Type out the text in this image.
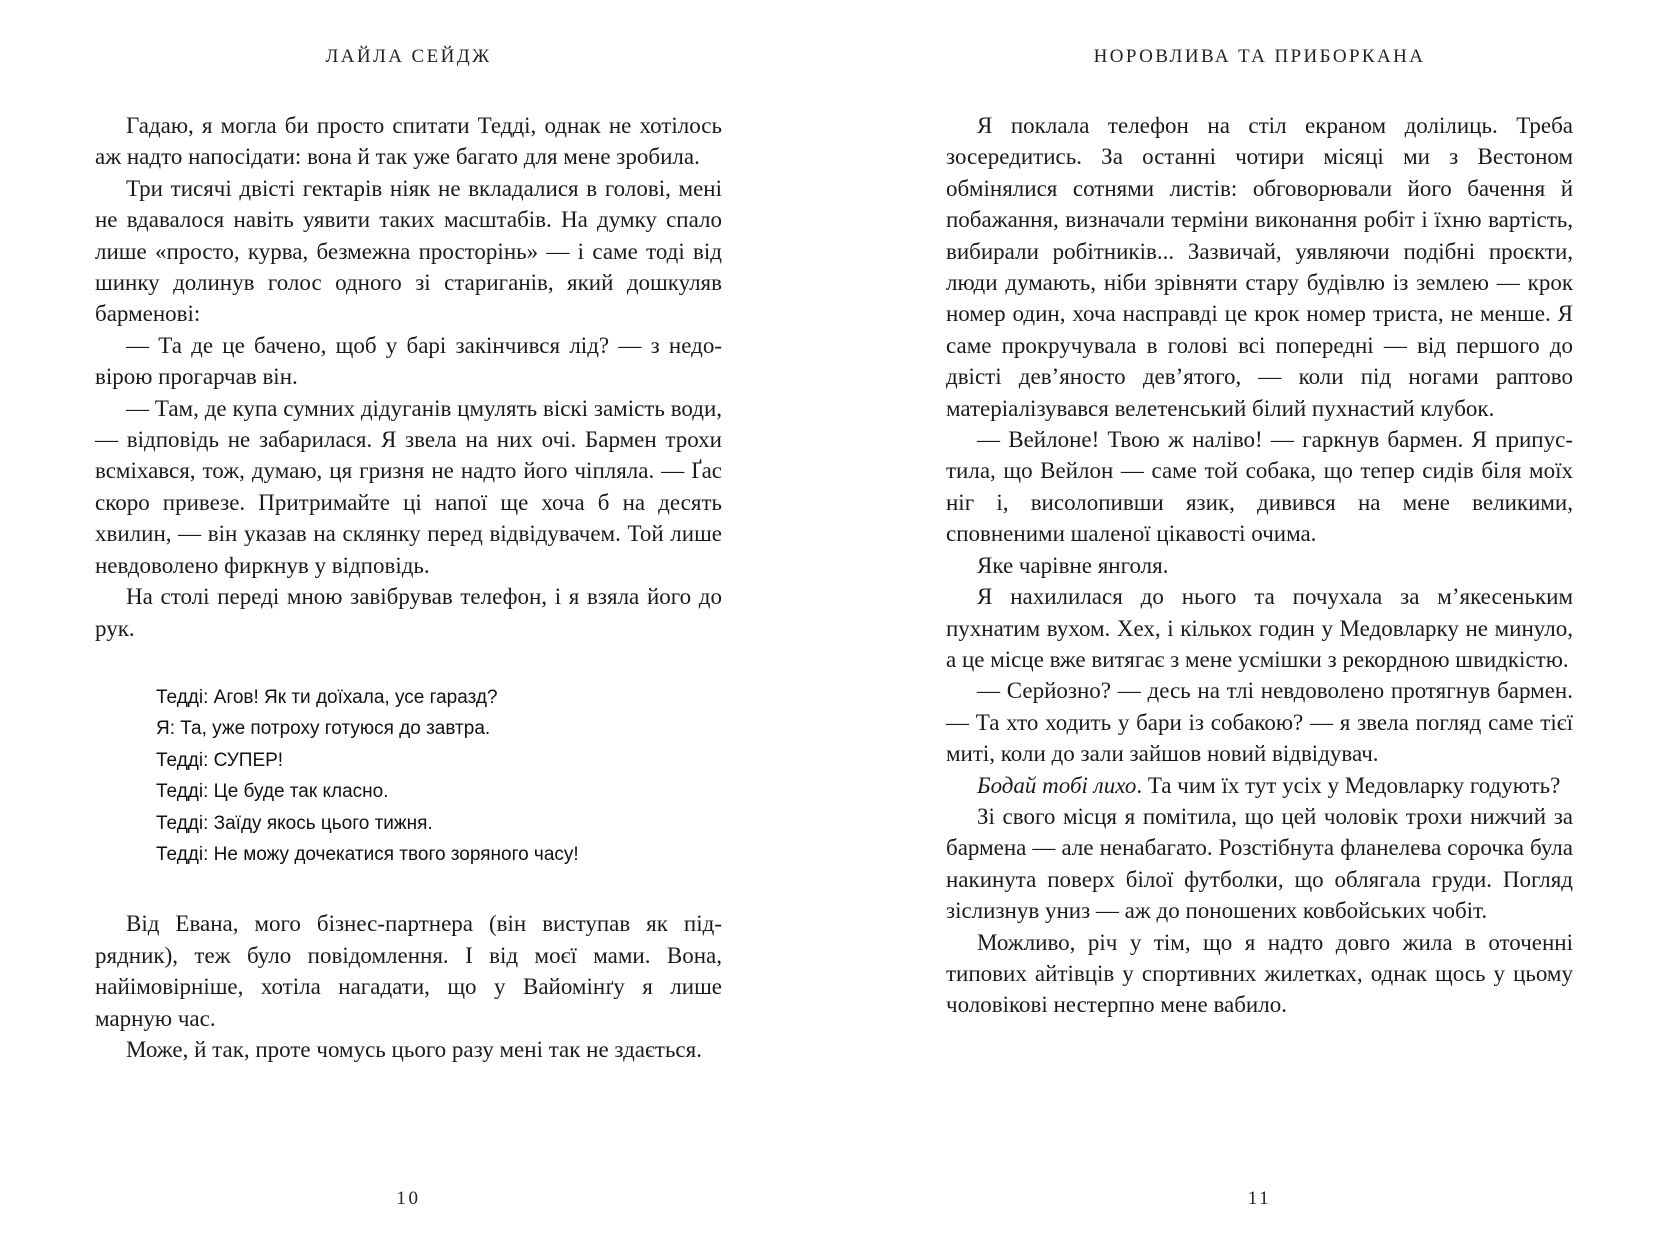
ЛАЙЛА СЕЙДЖ

Гадаю, я могла би просто спитати Тедді, однак не хотілось аж надто напосідати: вона й так уже багато для мене зробила.

Три тисячі двісті гектарів ніяк не вкладалися в голові, мені не вдавалося навіть уявити таких масштабів. На думку спало лише «просто, курва, безмежна просторінь» — і саме тоді від шинку долинув голос одного зі стариганів, який дошкуляв барменові:

— Та де це бачено, щоб у барі закінчився лід? — з недовірою прогарчав він.

— Там, де купа сумних дідуганів цмулять віскі замість води, — відповідь не забарилася. Я звела на них очі. Бармен трохи всміхався, тож, думаю, ця гризня не надто його чіпляла. — Ґас скоро привезе. Притримайте ці напої ще хоча б на десять хвилин, — він указав на склянку перед відвідувачем. Той лише невдоволено фиркнув у відповідь.

На столі переді мною завібрував телефон, і я взяла його до рук.

Тедді: Агов! Як ти доїхала, усе гаразд?
Я: Та, уже потроху готуюся до завтра.
Тедді: СУПЕР!
Тедді: Це буде так класно.
Тедді: Заїду якось цього тижня.
Тедді: Не можу дочекатися твого зоряного часу!

Від Евана, мого бізнес-партнера (він виступав як підрядник), теж було повідомлення. І від моєї мами. Вона, найімовірніше, хотіла нагадати, що у Вайомінґу я лише марную час.

Може, й так, проте чомусь цього разу мені так не здається.

10
НОРОВЛИВА ТА ПРИБОРКАНА

Я поклала телефон на стіл екраном долілиць. Треба зосередитись. За останні чотири місяці ми з Вестоном обмінялися сотнями листів: обговорювали його бачення й побажання, визначали терміни виконання робіт і їхню вартість, вибирали робітників... Зазвичай, уявляючи подібні проєкти, люди думають, ніби зрівняти стару будівлю із землею — крок номер один, хоча насправді це крок номер триста, не менше. Я саме прокручувала в голові всі попередні — від першого до двісті дев’яносто дев’ятого, — коли під ногами раптово матеріалізувався велетенський білий пухнастий клубок.

— Вейлоне! Твою ж наліво! — гаркнув бармен. Я припустила, що Вейлон — саме той собака, що тепер сидів біля моїх ніг і, висолопивши язик, дивився на мене великими, сповненими шаленої цікавості очима.

Яке чарівне янголя.

Я нахилилася до нього та почухала за м’якесеньким пухнатим вухом. Хех, і кількох годин у Медовларку не минуло, а це місце вже витягає з мене усмішки з рекордною швидкістю.

— Серйозно? — десь на тлі невдоволено протягнув бармен. — Та хто ходить у бари із собакою? — я звела погляд саме тієї миті, коли до зали зайшов новий відвідувач.

Бодай тобі лихо. Та чим їх тут усіх у Медовларку годують?

Зі свого місця я помітила, що цей чоловік трохи нижчий за бармена — але ненабагато. Розстібнута фланелева сорочка була накинута поверх білої футболки, що облягала груди. Погляд зіслизнув униз — аж до поношених ковбойських чобіт.

Можливо, річ у тім, що я надто довго жила в оточенні типових айтівців у спортивних жилетках, однак щось у цьому чоловікові нестерпно мене вабило.

11
